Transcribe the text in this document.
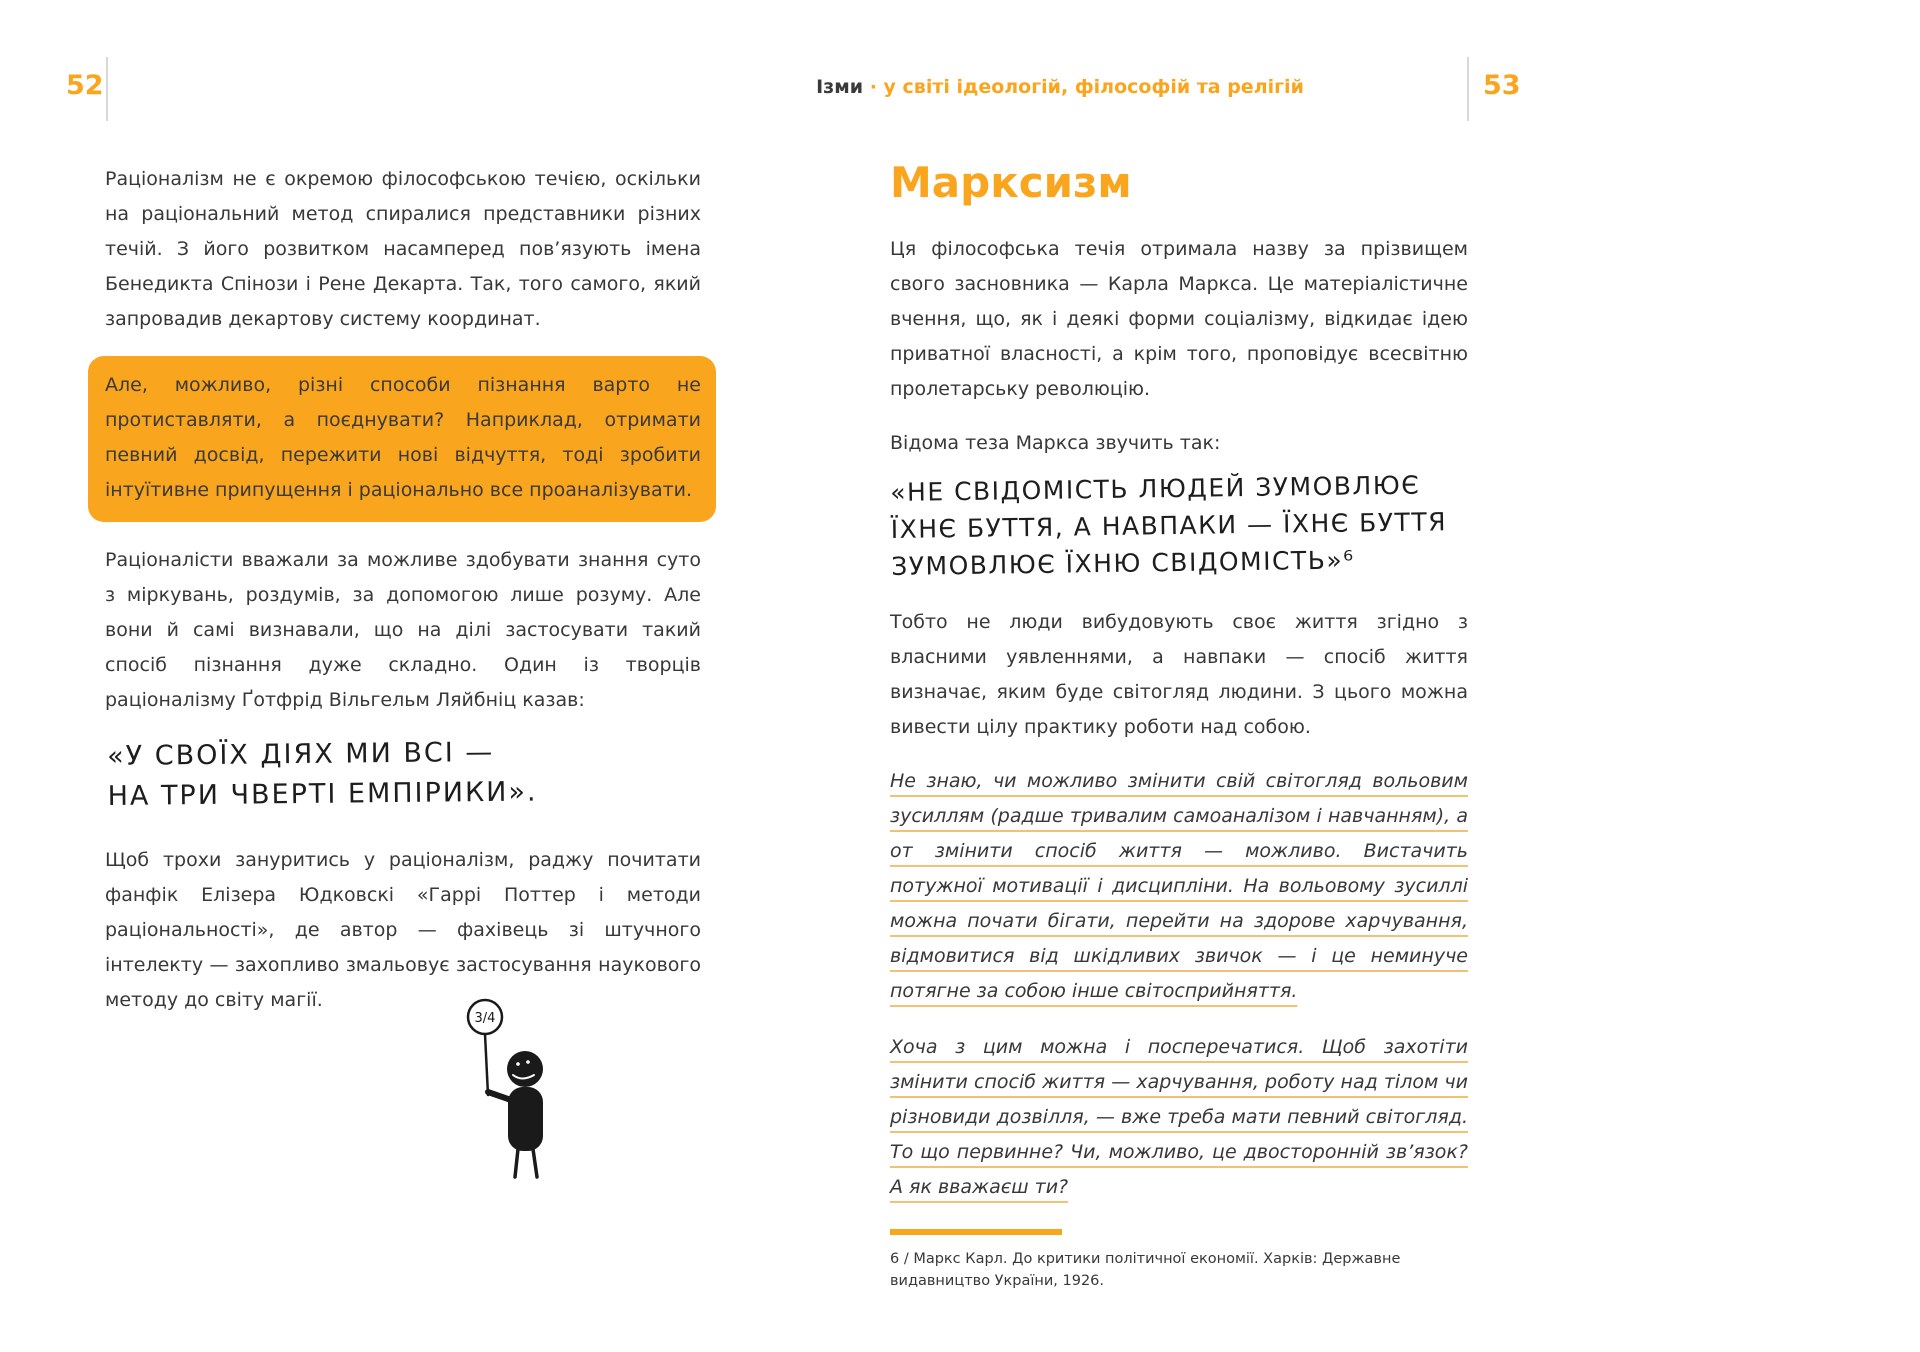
52	Ізми · у світі ідеологій, філософій та релігій	53

Раціоналізм не є окремою філософською течією, оскільки на раціональний метод спиралися представники різних течій. З його розвитком насамперед пов’язують імена Бенедикта Спінози і Рене Декарта. Так, того самого, який запровадив декартову систему координат.

Але, можливо, різні способи пізнання варто не протиставляти, а поєднувати? Наприклад, отримати певний досвід, пережити нові відчуття, тоді зробити інтуїтивне припущення і раціонально все проаналізувати.

Раціоналісти вважали за можливе здобувати знання суто з міркувань, роздумів, за допомогою лише розуму. Але вони й самі визнавали, що на ділі застосувати такий спосіб пізнання дуже складно. Один із творців раціоналізму Ґотфрід Вільгельм Ляйбніц казав:

«У СВОЇХ ДІЯХ МИ ВСІ —
НА ТРИ ЧВЕРТІ ЕМПІРИКИ».

Щоб трохи зануритись у раціоналізм, раджу почитати фанфік Елізера Юдковскі «Гаррі Поттер і методи раціональності», де автор — фахівець зі штучного інтелекту — захопливо змальовує застосування наукового методу до світу магії.

3/4
Марксизм

Ця філософська течія отримала назву за прізвищем свого засновника — Карла Маркса. Це матеріалістичне вчення, що, як і деякі форми соціалізму, відкидає ідею приватної власності, а крім того, проповідує всесвітню пролетарську революцію.

Відома теза Маркса звучить так:

«НЕ СВІДОМІСТЬ ЛЮДЕЙ ЗУМОВЛЮЄ
ЇХНЄ БУТТЯ, А НАВПАКИ — ЇХНЄ БУТТЯ
ЗУМОВЛЮЄ ЇХНЮ СВІДОМІСТЬ»⁶

Тобто не люди вибудовують своє життя згідно з власними уявленнями, а навпаки — спосіб життя визначає, яким буде світогляд людини. З цього можна вивести цілу практику роботи над собою.

Не знаю, чи можливо змінити свій світогляд вольовим зусиллям (радше тривалим самоаналізом і навчанням), а от змінити спосіб життя — можливо. Вистачить потужної мотивації і дисципліни. На вольовому зусиллі можна почати бігати, перейти на здорове харчування, відмовитися від шкідливих звичок — і це неминуче потягне за собою інше світосприйняття.

Хоча з цим можна і посперечатися. Щоб захотіти змінити спосіб життя — харчування, роботу над тілом чи різновиди дозвілля, — вже треба мати певний світогляд. То що первинне? Чи, можливо, це двосторонній зв’язок? А як вважаєш ти?

6 / Маркс Карл. До критики політичної економії. Харків: Державне видавництво України, 1926.
